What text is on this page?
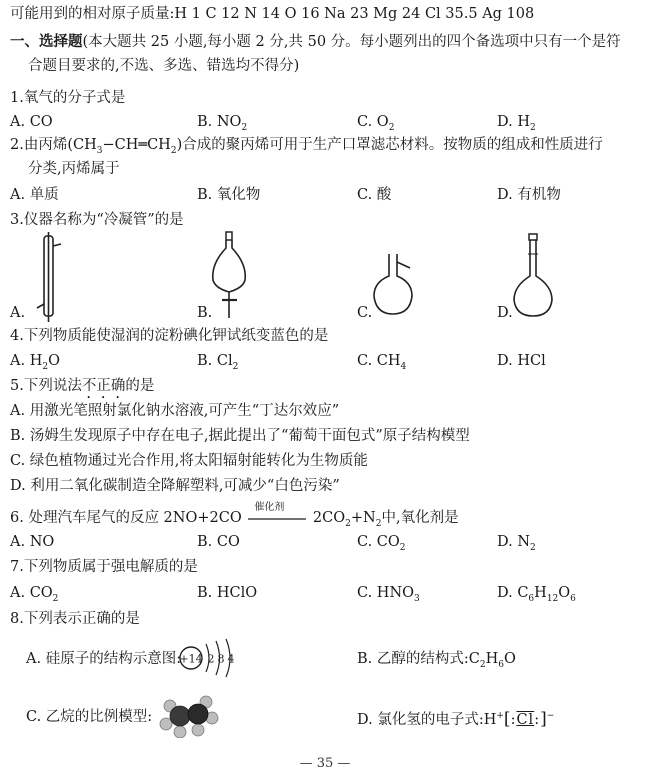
可能用到的相对原子质量:H 1 C 12 N 14 O 16 Na 23 Mg 24 Cl 35.5 Ag 108
一、选择题(本大题共 25 小题,每小题 2 分,共 50 分。每小题列出的四个备选项中只有一个是符
合题目要求的,不选、多选、错选均不得分)
1.氧气的分子式是
A. CO	B. $NO_2$	C. $O_2$	D. $H_2$
2.由丙烯$(CH_3-CH═CH_2)$合成的聚丙烯可用于生产口罩滤芯材料。按物质的组成和性质进行
分类,丙烯属于
A. 单质	B. 氧化物	C. 酸	D. 有机物
3.仪器名称为“冷凝管”的是
A.	B.	C.	D.
4.下列物质能使湿润的淀粉碘化钾试纸变蓝色的是
A. $H_2O$	B. $Cl_2$	C. $CH_4$	D. HCl
5.下列说法不正确的是
A. 用激光笔照射氯化钠水溶液,可产生“丁达尔效应”
B. 汤姆生发现原子中存在电子,据此提出了“葡萄干面包式”原子结构模型
C. 绿色植物通过光合作用,将太阳辐射能转化为生物质能
D. 利用二氧化碳制造全降解塑料,可减少“白色污染”
6. 处理汽车尾气的反应 2NO+2CO
催化剂
$2CO_2+N_2$中,氧化剂是
A. NO	B. CO	C. $CO_2$	D. $N_2$
7.下列物质属于强电解质的是
A. $CO_2$	B. HClO	C. $HNO_3$	D. $C_6H_{12}O_6$
8.下列表示正确的是
A. 硅原子的结构示意图:
+14 2 8 4	B. 乙醇的结构式$:C_2H_6O$
C. 乙烷的比例模型:	D. 氯化氢的电子式:H+[:Cl:]−
— 35 —
